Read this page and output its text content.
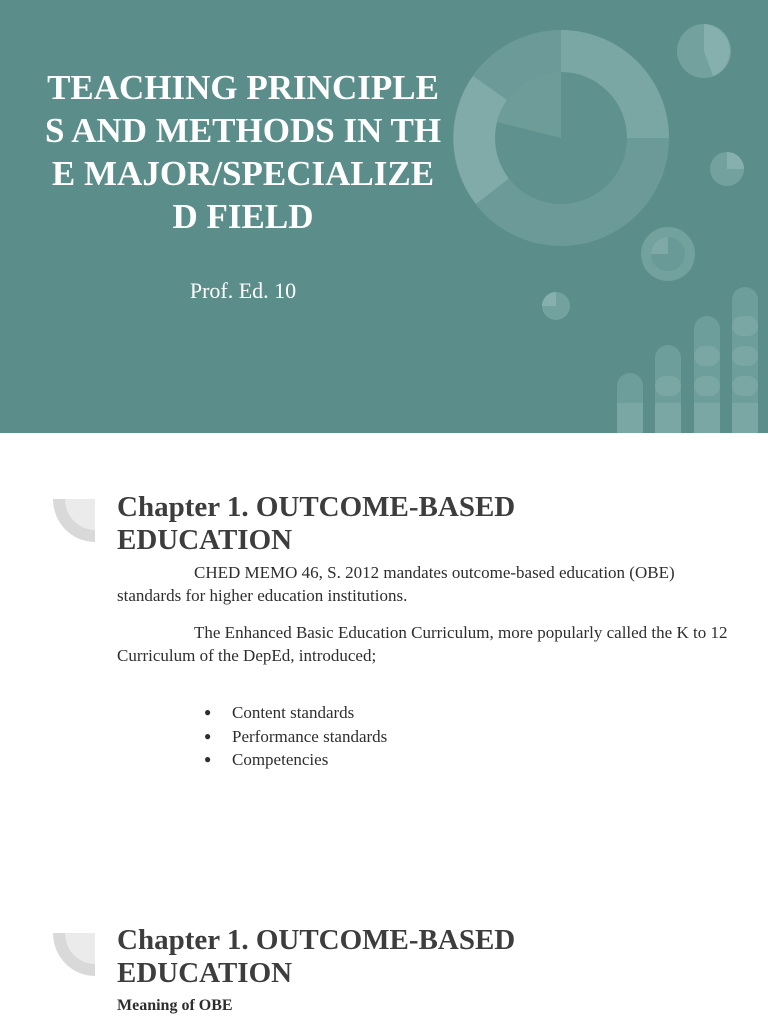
TEACHING PRINCIPLES AND METHODS IN THE MAJOR/SPECIALIZED FIELD
Prof. Ed. 10
Chapter 1. OUTCOME-BASED EDUCATION

CHED MEMO 46, S. 2012 mandates outcome-based education (OBE) standards for higher education institutions.

The Enhanced Basic Education Curriculum, more popularly called the K to 12 Curriculum of the DepEd, introduced;

● Content standards
● Performance standards
● Competencies
Chapter 1. OUTCOME-BASED EDUCATION
Meaning of OBE
